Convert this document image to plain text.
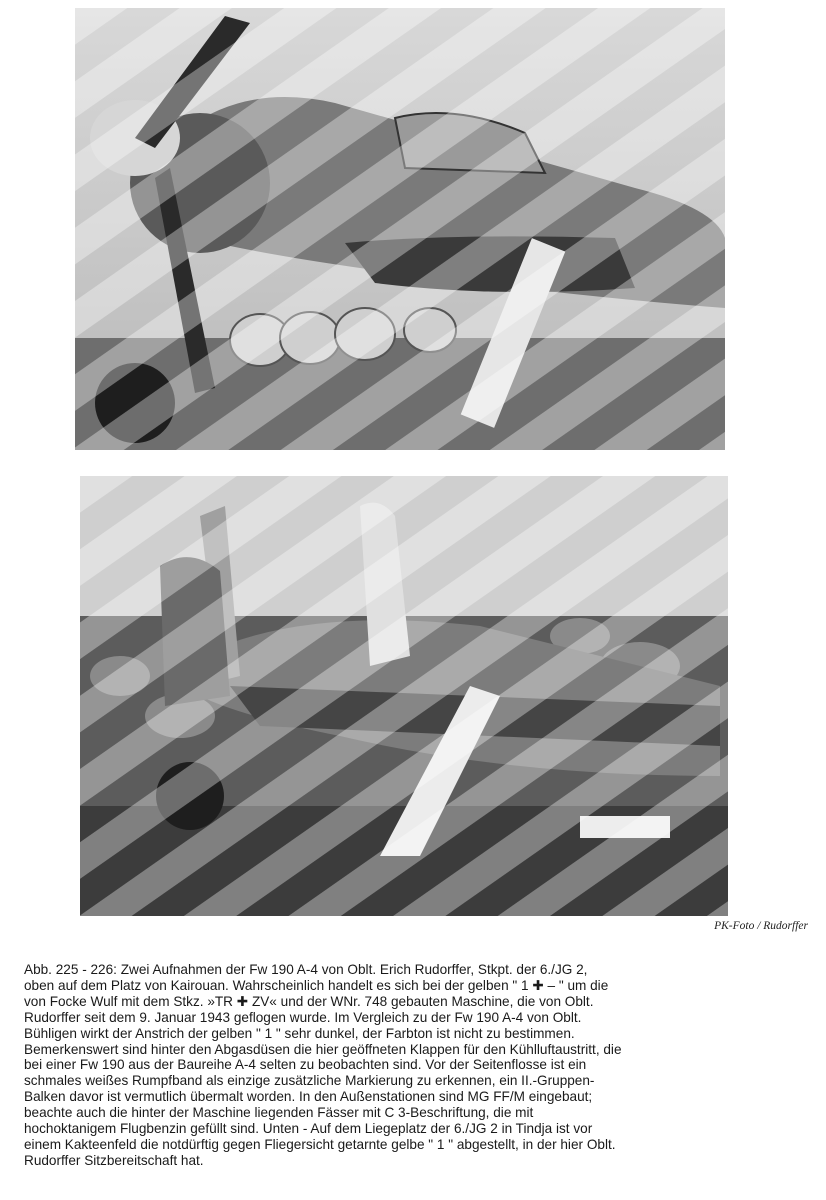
PK-Foto / Rudorffer
Abb. 225 - 226: Zwei Aufnahmen der Fw 190 A-4 von Oblt. Erich Rudorffer, Stkpt. der 6./JG 2,
oben auf dem Platz von Kairouan. Wahrscheinlich handelt es sich bei der gelben " 1 ✚ – " um die
von Focke Wulf mit dem Stkz. »TR ✚ ZV« und der WNr. 748 gebauten Maschine, die von Oblt.
Rudorffer seit dem 9. Januar 1943 geflogen wurde. Im Vergleich zu der Fw 190 A-4 von Oblt.
Bühligen wirkt der Anstrich der gelben " 1 " sehr dunkel, der Farbton ist nicht zu bestimmen.
Bemerkenswert sind hinter den Abgasdüsen die hier geöffneten Klappen für den Kühlluftaustritt, die
bei einer Fw 190 aus der Baureihe A-4 selten zu beobachten sind. Vor der Seitenflosse ist ein
schmales weißes Rumpfband als einzige zusätzliche Markierung zu erkennen, ein II.-Gruppen-
Balken davor ist vermutlich übermalt worden. In den Außenstationen sind MG FF/M eingebaut;
beachte auch die hinter der Maschine liegenden Fässer mit C 3-Beschriftung, die mit
hochoktanigem Flugbenzin gefüllt sind. Unten - Auf dem Liegeplatz der 6./JG 2 in Tindja ist vor
einem Kakteenfeld die notdürftig gegen Fliegersicht getarnte gelbe " 1 " abgestellt, in der hier Oblt.
Rudorffer Sitzbereitschaft hat.
